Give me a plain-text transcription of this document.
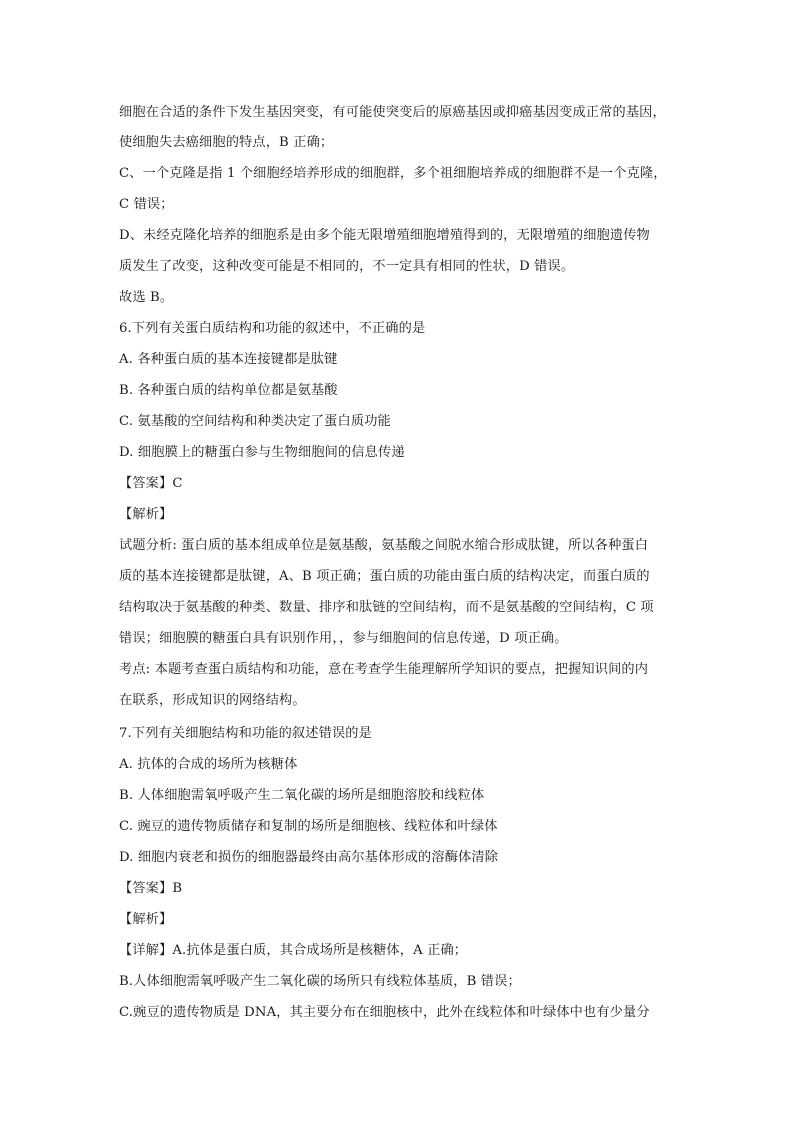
细胞在合适的条件下发生基因突变，有可能使突变后的原癌基因或抑癌基因变成正常的基因，
使细胞失去癌细胞的特点，B 正确；
C、一个克隆是指 1 个细胞经培养形成的细胞群，多个祖细胞培养成的细胞群不是一个克隆，
C 错误；
D、未经克隆化培养的细胞系是由多个能无限增殖细胞增殖得到的，无限增殖的细胞遗传物
质发生了改变，这种改变可能是不相同的，不一定具有相同的性状，D 错误。
故选 B。
6.下列有关蛋白质结构和功能的叙述中，不正确的是
A. 各种蛋白质的基本连接键都是肽键
B. 各种蛋白质的结构单位都是氨基酸
C. 氨基酸的空间结构和种类决定了蛋白质功能
D. 细胞膜上的糖蛋白参与生物细胞间的信息传递
【答案】C
【解析】
试题分析: 蛋白质的基本组成单位是氨基酸，氨基酸之间脱水缩合形成肽键，所以各种蛋白
质的基本连接键都是肽键，A、B 项正确；蛋白质的功能由蛋白质的结构决定，而蛋白质的
结构取决于氨基酸的种类、数量、排序和肽链的空间结构，而不是氨基酸的空间结构，C 项
错误；细胞膜的糖蛋白具有识别作用，，参与细胞间的信息传递，D 项正确。
考点: 本题考查蛋白质结构和功能，意在考查学生能理解所学知识的要点，把握知识间的内
在联系，形成知识的网络结构。
7.下列有关细胞结构和功能的叙述错误的是
A. 抗体的合成的场所为核糖体
B. 人体细胞需氧呼吸产生二氧化碳的场所是细胞溶胶和线粒体
C. 豌豆的遗传物质储存和复制的场所是细胞核、线粒体和叶绿体
D. 细胞内衰老和损伤的细胞器最终由高尔基体形成的溶酶体清除
【答案】B
【解析】
【详解】A.抗体是蛋白质，其合成场所是核糖体，A 正确；
B.人体细胞需氧呼吸产生二氧化碳的场所只有线粒体基质，B 错误；
C.豌豆的遗传物质是 DNA，其主要分布在细胞核中，此外在线粒体和叶绿体中也有少量分
